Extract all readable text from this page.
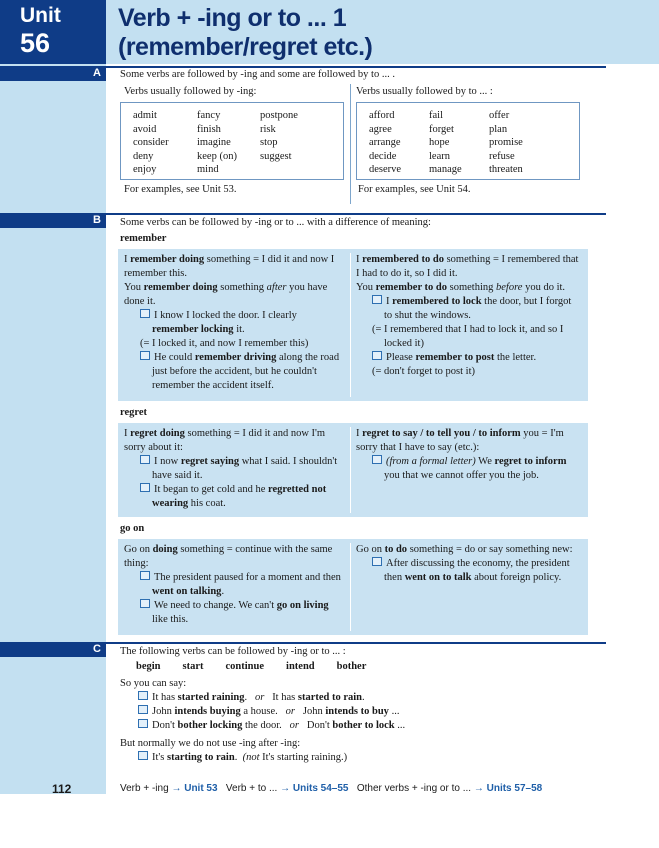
Unit
56
Verb + -ing or to ... 1
(remember/regret etc.)
A Some verbs are followed by -ing and some are followed by to ... .
Verbs usually followed by -ing:
admit	fancy	postpone
avoid	finish	risk
consider	imagine	stop
deny	keep (on)	suggest
enjoy	mind
For examples, see Unit 53.
Verbs usually followed by to ... :
afford	fail	offer
agree	forget	plan
arrange	hope	promise
decide	learn	refuse
deserve	manage	threaten
For examples, see Unit 54.
B Some verbs can be followed by -ing or to ... with a difference of meaning:
remember
I remember doing something = I did it and now I remember this.
You remember doing something after you have done it.
I know I locked the door. I clearly remember locking it.
(= I locked it, and now I remember this)
He could remember driving along the road just before the accident, but he couldn't remember the accident itself.
I remembered to do something = I remembered that I had to do it, so I did it.
You remember to do something before you do it.
I remembered to lock the door, but I forgot to shut the windows.
(= I remembered that I had to lock it, and so I locked it)
Please remember to post the letter.
(= don't forget to post it)
regret
I regret doing something = I did it and now I'm sorry about it:
I now regret saying what I said. I shouldn't have said it.
It began to get cold and he regretted not wearing his coat.
I regret to say / to tell you / to inform you = I'm sorry that I have to say (etc.):
(from a formal letter) We regret to inform you that we cannot offer you the job.
go on
Go on doing something = continue with the same thing:
The president paused for a moment and then went on talking.
We need to change. We can't go on living like this.
Go on to do something = do or say something new:
After discussing the economy, the president then went on to talk about foreign policy.
C The following verbs can be followed by -ing or to ... :
begin start continue intend bother
So you can say:
It has started raining. or It has started to rain.
John intends buying a house. or John intends to buy ...
Don't bother locking the door. or Don't bother to lock ...
But normally we do not use -ing after -ing:
It's starting to rain. (not It's starting raining.)
112	Verb + -ing → Unit 53 Verb + to ... → Units 54–55 Other verbs + -ing or to ... → Units 57–58
